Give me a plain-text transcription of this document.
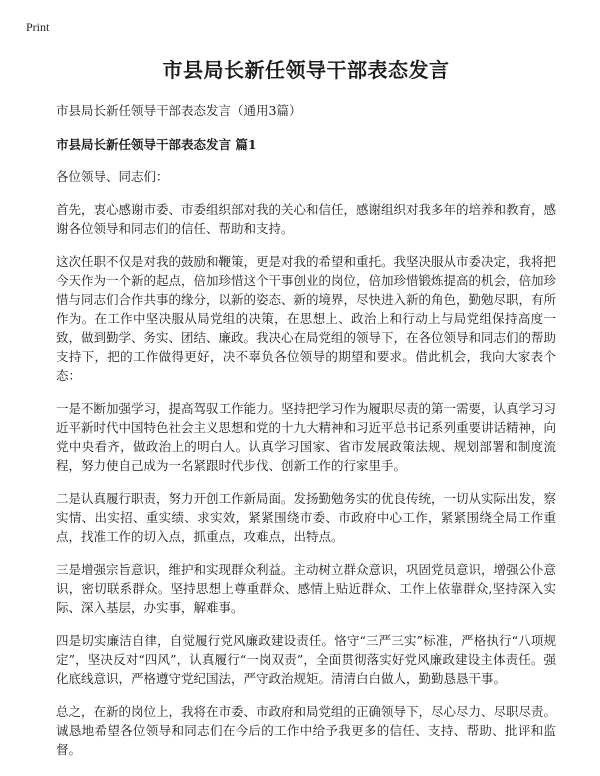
Print
市县局长新任领导干部表态发言
市县局长新任领导干部表态发言（通用3篇）
市县局长新任领导干部表态发言 篇1

各位领导、同志们：

首先，衷心感谢市委、市委组织部对我的关心和信任，感谢组织对我多年的培养和教育，感谢各位领导和同志们的信任、帮助和支持。

这次任职不仅是对我的鼓励和鞭策，更是对我的希望和重托。我坚决服从市委决定，我将把今天作为一个新的起点，倍加珍惜这个干事创业的岗位，倍加珍惜锻炼提高的机会，倍加珍惜与同志们合作共事的缘分，以新的姿态、新的境界，尽快进入新的角色，勤勉尽职，有所作为。在工作中坚决服从局党组的决策，在思想上、政治上和行动上与局党组保持高度一致，做到勤学、务实、团结、廉政。我决心在局党组的领导下，在各位领导和同志们的帮助支持下，把的工作做得更好，决不辜负各位领导的期望和要求。借此机会，我向大家表个态：

一是不断加强学习，提高驾驭工作能力。坚持把学习作为履职尽责的第一需要，认真学习习近平新时代中国特色社会主义思想和党的十九大精神和习近平总书记系列重要讲话精神，向党中央看齐，做政治上的明白人。认真学习国家、省市发展政策法规、规划部署和制度流程，努力使自己成为一名紧跟时代步伐、创新工作的行家里手。

二是认真履行职责，努力开创工作新局面。发扬勤勉务实的优良传统，一切从实际出发，察实情、出实招、重实绩、求实效，紧紧围绕市委、市政府中心工作，紧紧围绕全局工作重点，找准工作的切入点，抓重点，攻难点，出特点。

三是增强宗旨意识，维护和实现群众利益。主动树立群众意识，巩固党员意识，增强公仆意识，密切联系群众。坚持思想上尊重群众、感情上贴近群众、工作上依靠群众,坚持深入实际、深入基层，办实事，解难事。

四是切实廉洁自律，自觉履行党风廉政建设责任。恪守“三严三实”标准，严格执行“八项规定”，坚决反对“四风”，认真履行“一岗双责”，全面贯彻落实好党风廉政建设主体责任。强化底线意识，严格遵守党纪国法，严守政治规矩。清清白白做人，勤勤恳恳干事。

总之，在新的岗位上，我将在市委、市政府和局党组的正确领导下，尽心尽力、尽职尽责。诚恳地希望各位领导和同志们在今后的工作中给予我更多的信任、支持、帮助、批评和监督。
